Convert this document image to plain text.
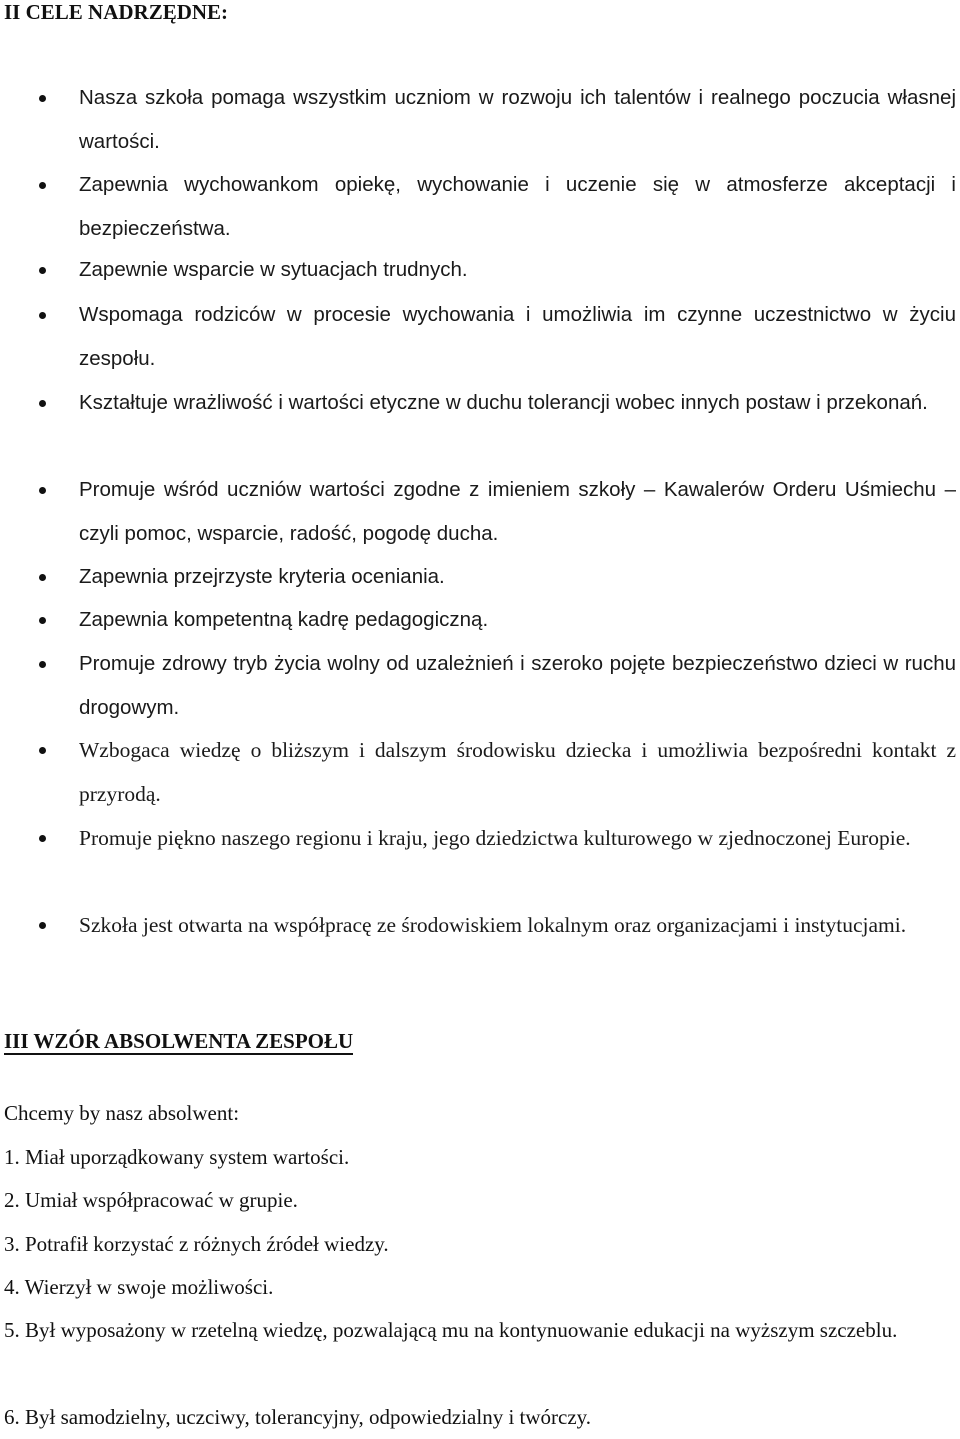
II CELE NADRZĘDNE:
Nasza szkoła pomaga wszystkim uczniom w rozwoju ich talentów i realnego poczucia własnej wartości.
Zapewnia wychowankom opiekę, wychowanie i uczenie się w atmosferze akceptacji i bezpieczeństwa.
Zapewnie wsparcie w sytuacjach trudnych.
Wspomaga rodziców w procesie wychowania i umożliwia im czynne uczestnictwo w życiu zespołu.
Kształtuje wrażliwość i wartości etyczne w duchu tolerancji wobec innych postaw i przekonań.
Promuje wśród uczniów wartości zgodne z imieniem szkoły – Kawalerów Orderu Uśmiechu – czyli pomoc, wsparcie, radość, pogodę ducha.
Zapewnia przejrzyste kryteria oceniania.
Zapewnia kompetentną kadrę pedagogiczną.
Promuje zdrowy tryb życia wolny od uzależnień i szeroko pojęte bezpieczeństwo dzieci w ruchu drogowym.
Wzbogaca wiedzę o bliższym i dalszym środowisku dziecka i umożliwia bezpośredni kontakt z przyrodą.
Promuje piękno naszego regionu i kraju, jego dziedzictwa kulturowego w zjednoczonej Europie.
Szkoła jest otwarta na współpracę ze środowiskiem lokalnym oraz organizacjami i instytucjami.
III WZÓR ABSOLWENTA ZESPOŁU
Chcemy by nasz absolwent:
1. Miał uporządkowany system wartości.
2. Umiał współpracować w grupie.
3. Potrafił korzystać z różnych źródeł wiedzy.
4. Wierzył w swoje możliwości.
5. Był wyposażony w rzetelną wiedzę, pozwalającą mu na kontynuowanie edukacji na wyższym szczeblu.
6. Był samodzielny, uczciwy, tolerancyjny, odpowiedzialny i twórczy.
